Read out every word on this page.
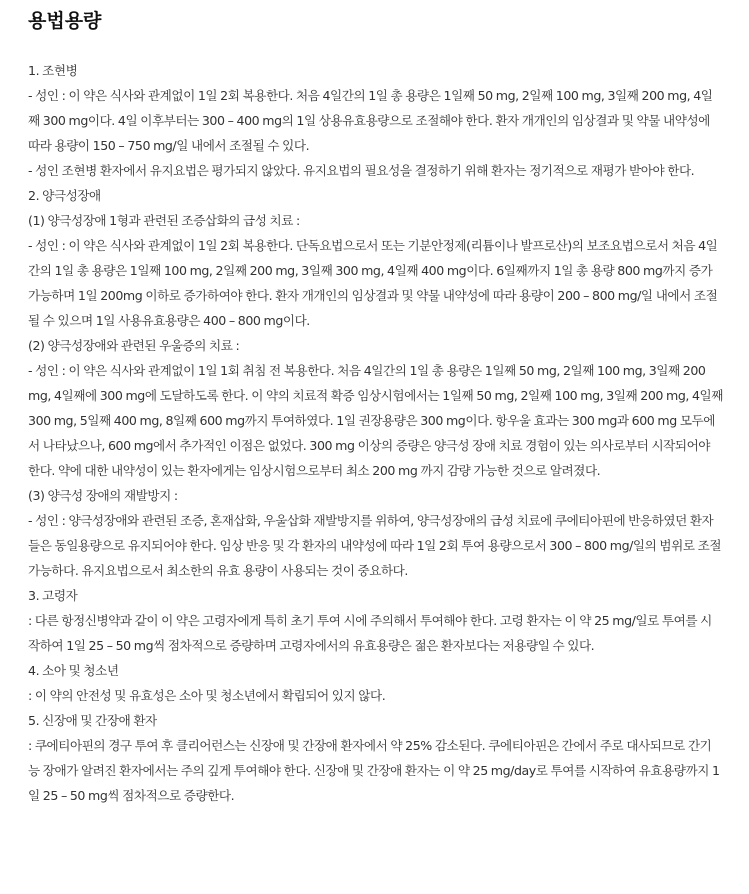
용법용량

1. 조현병

- 성인 : 이 약은 식사와 관계없이 1일 2회 복용한다. 처음 4일간의 1일 총 용량은 1일째 50 mg, 2일째 100 mg, 3일째 200 mg, 4일째 300 mg이다. 4일 이후부터는 300 – 400 mg의 1일 상용유효용량으로 조절해야 한다. 환자 개개인의 임상결과 및 약물 내약성에 따라 용량이 150 – 750 mg/일 내에서 조절될 수 있다.

- 성인 조현병 환자에서 유지요법은 평가되지 않았다. 유지요법의 필요성을 결정하기 위해 환자는 정기적으로 재평가 받아야 한다.

2. 양극성장애

(1) 양극성장애 1형과 관련된 조증삽화의 급성 치료 :

- 성인 : 이 약은 식사와 관계없이 1일 2회 복용한다. 단독요법으로서 또는 기분안정제(리튬이나 발프로산)의 보조요법으로서 처음 4일간의 1일 총 용량은 1일째 100 mg, 2일째 200 mg, 3일째 300 mg, 4일째 400 mg이다. 6일째까지 1일 총 용량 800 mg까지 증가 가능하며 1일 200mg 이하로 증가하여야 한다. 환자 개개인의 임상결과 및 약물 내약성에 따라 용량이 200 – 800 mg/일 내에서 조절될 수 있으며 1일 사용유효용량은 400 – 800 mg이다.

(2) 양극성장애와 관련된 우울증의 치료 :

- 성인 : 이 약은 식사와 관계없이 1일 1회 취침 전 복용한다. 처음 4일간의 1일 총 용량은 1일째 50 mg, 2일째 100 mg, 3일째 200 mg, 4일째에 300 mg에 도달하도록 한다. 이 약의 치료적 확증 임상시험에서는 1일째 50 mg, 2일째 100 mg, 3일째 200 mg, 4일째 300 mg, 5일째 400 mg, 8일째 600 mg까지 투여하였다. 1일 권장용량은 300 mg이다. 항우울 효과는 300 mg과 600 mg 모두에서 나타났으나, 600 mg에서 추가적인 이점은 없었다. 300 mg 이상의 증량은 양극성 장애 치료 경험이 있는 의사로부터 시작되어야 한다. 약에 대한 내약성이 있는 환자에게는 임상시험으로부터 최소 200 mg 까지 감량 가능한 것으로 알려졌다.

(3) 양극성 장애의 재발방지 :

- 성인 : 양극성장애와 관련된 조증, 혼재삽화, 우울삽화 재발방지를 위하여, 양극성장애의 급성 치료에 쿠에티아핀에 반응하였던 환자들은 동일용량으로 유지되어야 한다. 임상 반응 및 각 환자의 내약성에 따라 1일 2회 투여 용량으로서 300 – 800 mg/일의 범위로 조절 가능하다. 유지요법으로서 최소한의 유효 용량이 사용되는 것이 중요하다.

3. 고령자

: 다른 항정신병약과 같이 이 약은 고령자에게 특히 초기 투여 시에 주의해서 투여해야 한다. 고령 환자는 이 약 25 mg/일로 투여를 시작하여 1일 25 – 50 mg씩 점차적으로 증량하며 고령자에서의 유효용량은 젊은 환자보다는 저용량일 수 있다.

4. 소아 및 청소년

: 이 약의 안전성 및 유효성은 소아 및 청소년에서 확립되어 있지 않다.

5. 신장애 및 간장애 환자

: 쿠에티아핀의 경구 투여 후 클리어런스는 신장애 및 간장애 환자에서 약 25% 감소된다. 쿠에티아핀은 간에서 주로 대사되므로 간기능 장애가 알려진 환자에서는 주의 깊게 투여해야 한다. 신장애 및 간장애 환자는 이 약 25 mg/day로 투여를 시작하여 유효용량까지 1일 25 – 50 mg씩 점차적으로 증량한다.
